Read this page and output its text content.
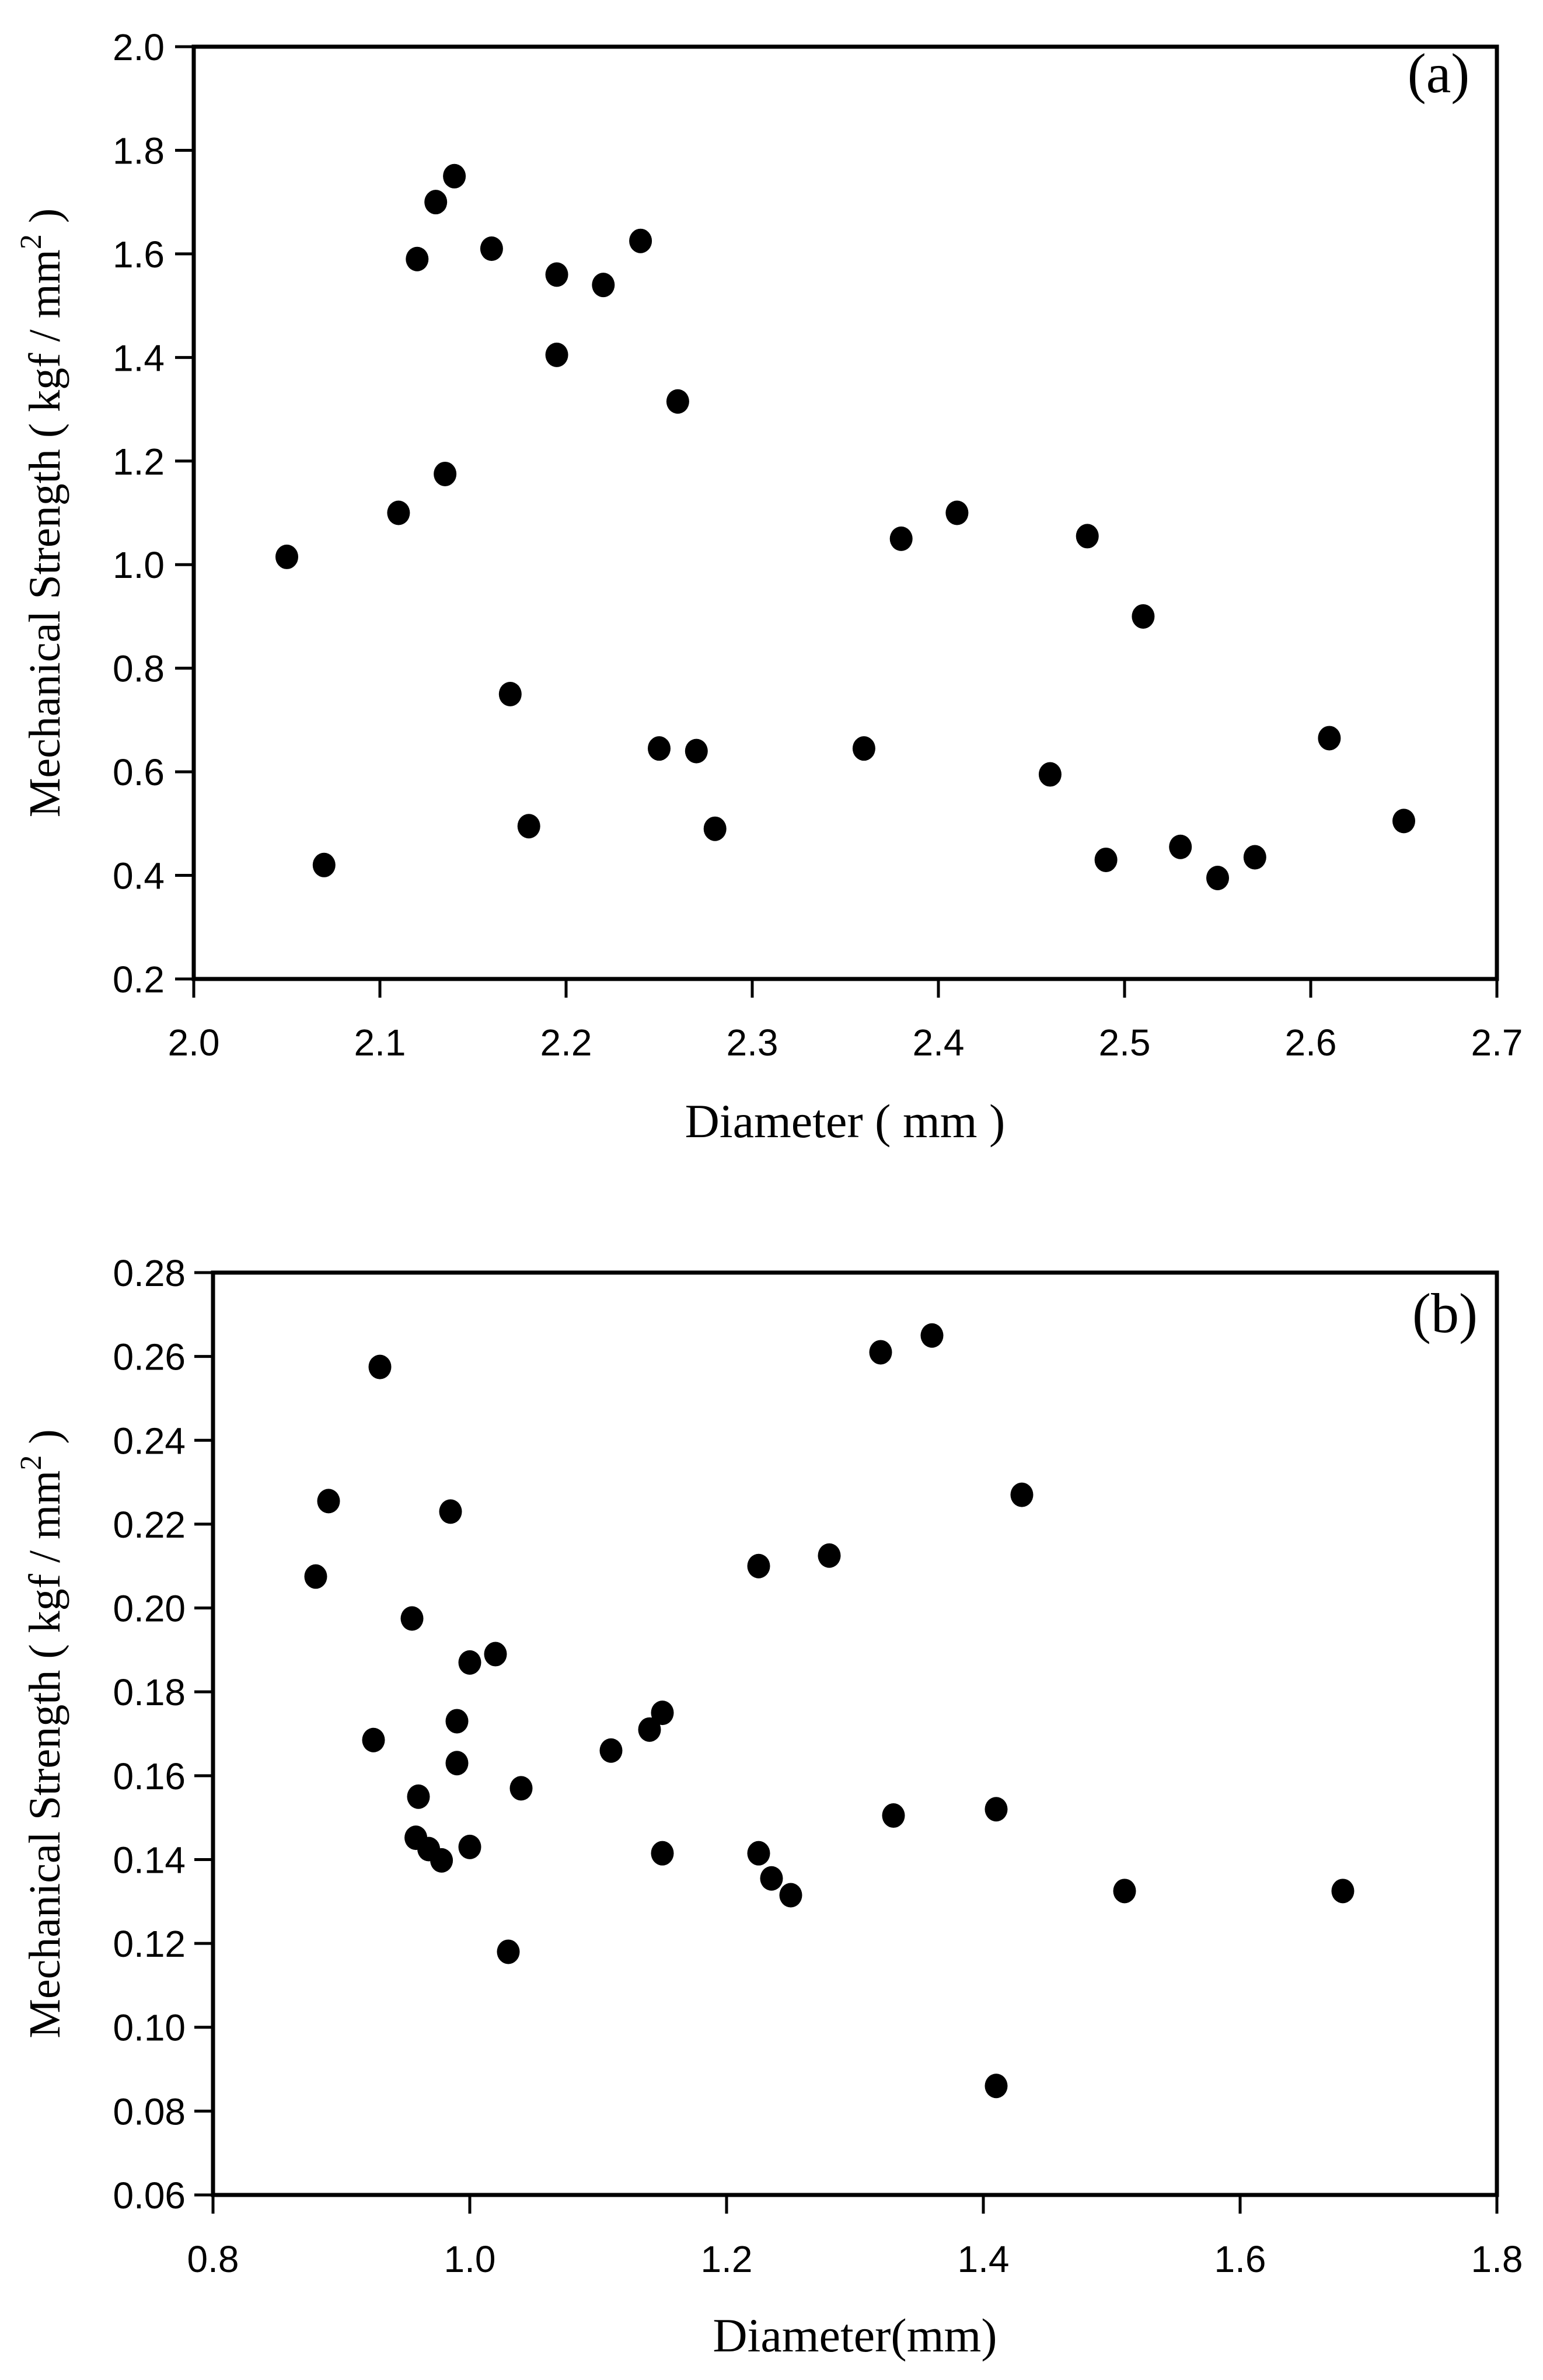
2.0	2.1	2.2	2.3	2.4	2.5	2.6	2.7
0.2
0.4
0.6
0.8
1.0
1.2
1.4
1.6
1.8
2.0
Diameter ( mm )
Mechanical Strength ( kgf / $mm^2$ )
(a)
0.8	1.0	1.2	1.4	1.6	1.8
0.06
0.08
0.10
0.12
0.14
0.16
0.18
0.20
0.22
0.24
0.26
0.28
Diameter(mm)
Mechanical Strength ( kgf / $mm^2$ )
(b)
